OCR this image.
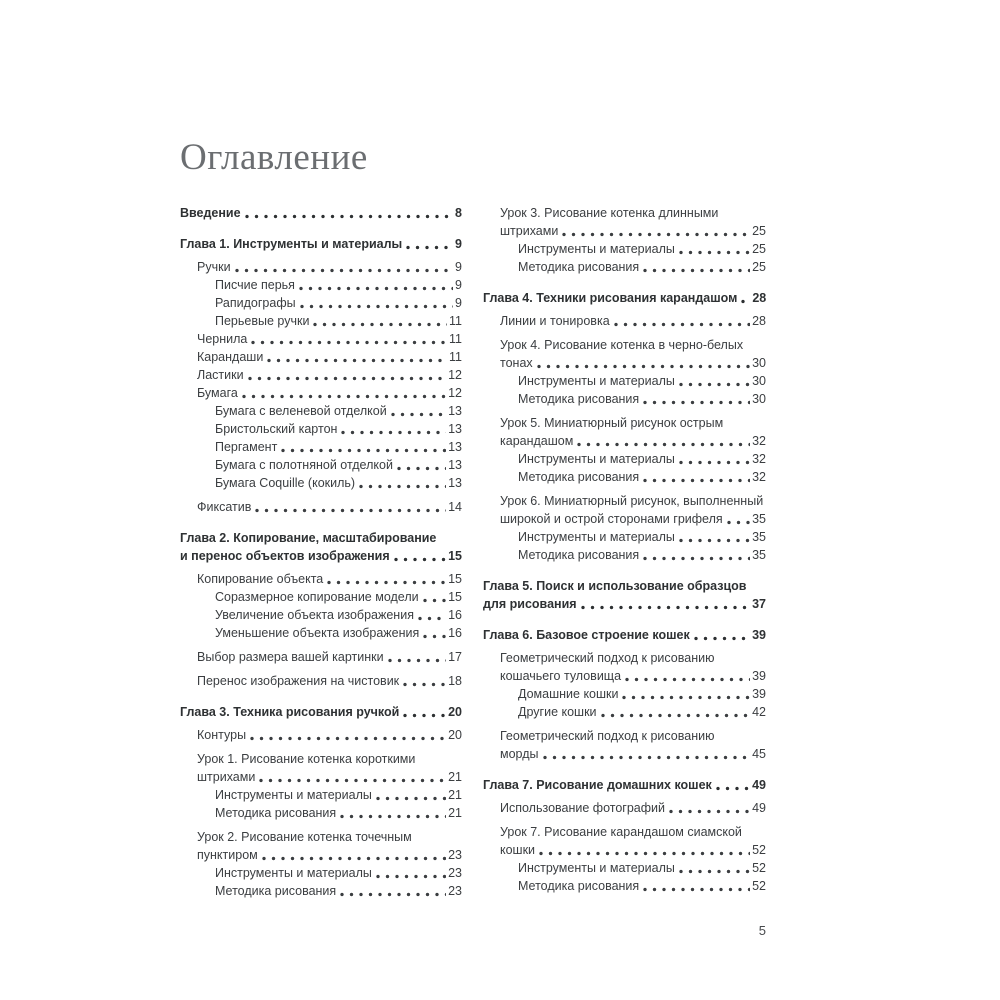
Оглавление
Введение	8
Глава 1. Инструменты и материалы	9
Ручки	9
Писчие перья	9
Рапидографы	9
Перьевые ручки	11
Чернила	11
Карандаши	11
Ластики	12
Бумага	12
Бумага с веленевой отделкой	13
Бристольский картон	13
Пергамент	13
Бумага с полотняной отделкой	13
Бумага Coquille (кокиль)	13
Фиксатив	14
Глава 2. Копирование, масштабирование
и перенос объектов изображения	15
Копирование объекта	15
Соразмерное копирование модели 15
Увеличение объекта изображения	16
Уменьшение объекта изображения 16
Выбор размера вашей картинки	17
Перенос изображения на чистовик	18
Глава 3. Техника рисования ручкой	20
Контуры	20
Урок 1. Рисование котенка короткими
штрихами	21
Инструменты и материалы	21
Методика рисования	21
Урок 2. Рисование котенка точечным
пунктиром	23
Инструменты и материалы	23
Методика рисования	23
Урок 3. Рисование котенка длинными
штрихами	25
Инструменты и материалы	25
Методика рисования	25
Глава 4. Техники рисования карандашом 28
Линии и тонировка	28
Урок 4. Рисование котенка в черно-белых
тонах	30
Инструменты и материалы	30
Методика рисования	30
Урок 5. Миниатюрный рисунок острым
карандашом	32
Инструменты и материалы	32
Методика рисования	32
Урок 6. Миниатюрный рисунок, выполненный
широкой и острой сторонами грифеля 35
Инструменты и материалы	35
Методика рисования	35
Глава 5. Поиск и использование образцов
для рисования	37
Глава 6. Базовое строение кошек	39
Геометрический подход к рисованию
кошачьего туловища	39
Домашние кошки	39
Другие кошки	42
Геометрический подход к рисованию
морды	45
Глава 7. Рисование домашних кошек	49
Использование фотографий	49
Урок 7. Рисование карандашом сиамской
кошки	52
Инструменты и материалы	52
Методика рисования	52
5
